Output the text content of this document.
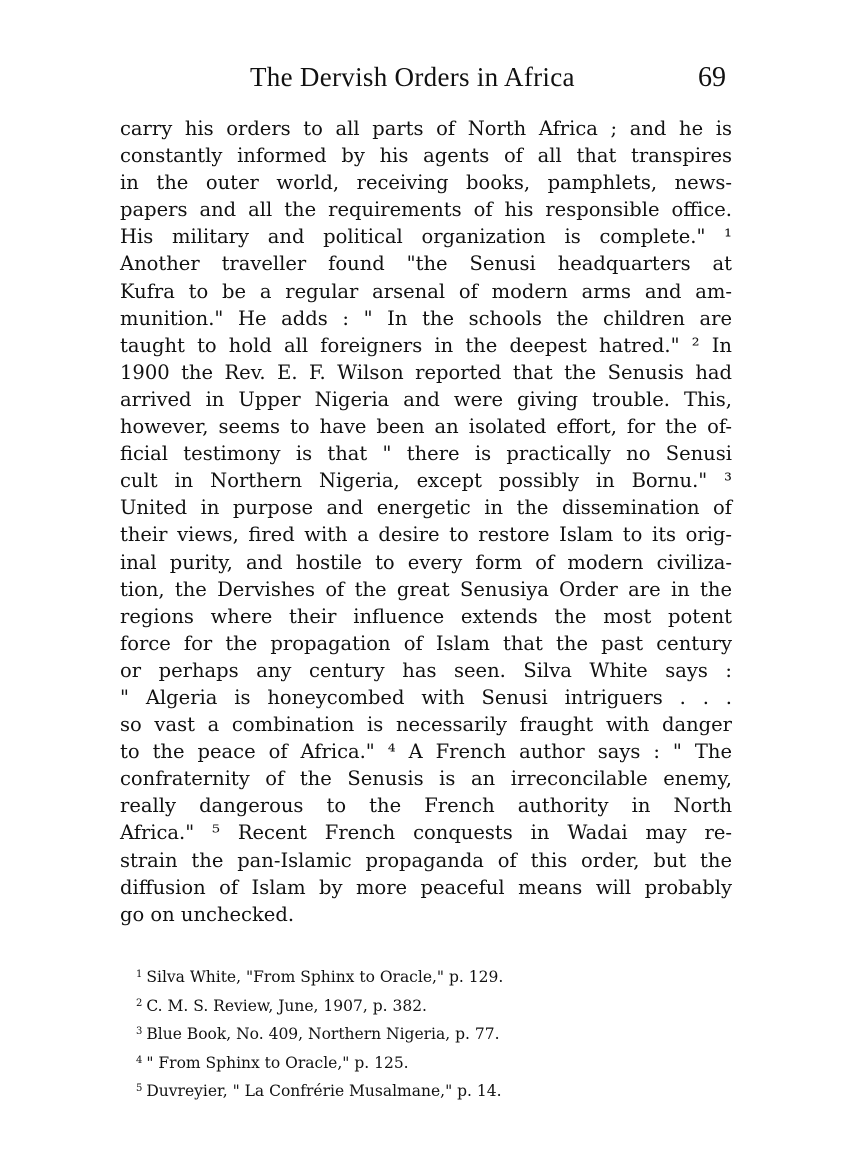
The Dervish Orders in Africa	69
carry his orders to all parts of North Africa ; and he is
constantly informed by his agents of all that transpires
in the outer world, receiving books, pamphlets, news-
papers and all the requirements of his responsible office.
His military and political organization is complete." ¹
Another traveller found "the Senusi headquarters at
Kufra to be a regular arsenal of modern arms and am-
munition." He adds : " In the schools the children are
taught to hold all foreigners in the deepest hatred." ² In
1900 the Rev. E. F. Wilson reported that the Senusis had
arrived in Upper Nigeria and were giving trouble. This,
however, seems to have been an isolated effort, for the of-
ficial testimony is that " there is practically no Senusi
cult in Northern Nigeria, except possibly in Bornu." ³
United in purpose and energetic in the dissemination of
their views, fired with a desire to restore Islam to its orig-
inal purity, and hostile to every form of modern civiliza-
tion, the Dervishes of the great Senusiya Order are in the
regions where their influence extends the most potent
force for the propagation of Islam that the past century
or perhaps any century has seen. Silva White says :
" Algeria is honeycombed with Senusi intriguers . . .
so vast a combination is necessarily fraught with danger
to the peace of Africa." ⁴ A French author says : " The
confraternity of the Senusis is an irreconcilable enemy,
really dangerous to the French authority in North
Africa." ⁵ Recent French conquests in Wadai may re-
strain the pan-Islamic propaganda of this order, but the
diffusion of Islam by more peaceful means will probably
go on unchecked.
$^1$ Silva White, "From Sphinx to Oracle," p. 129.
$^2$ C. M. S. Review, June, 1907, p. 382.
$^3$ Blue Book, No. 409, Northern Nigeria, p. 77.
$^4$ " From Sphinx to Oracle," p. 125.
$^5$ Duvreyier, " La Confrérie Musalmane," p. 14.
